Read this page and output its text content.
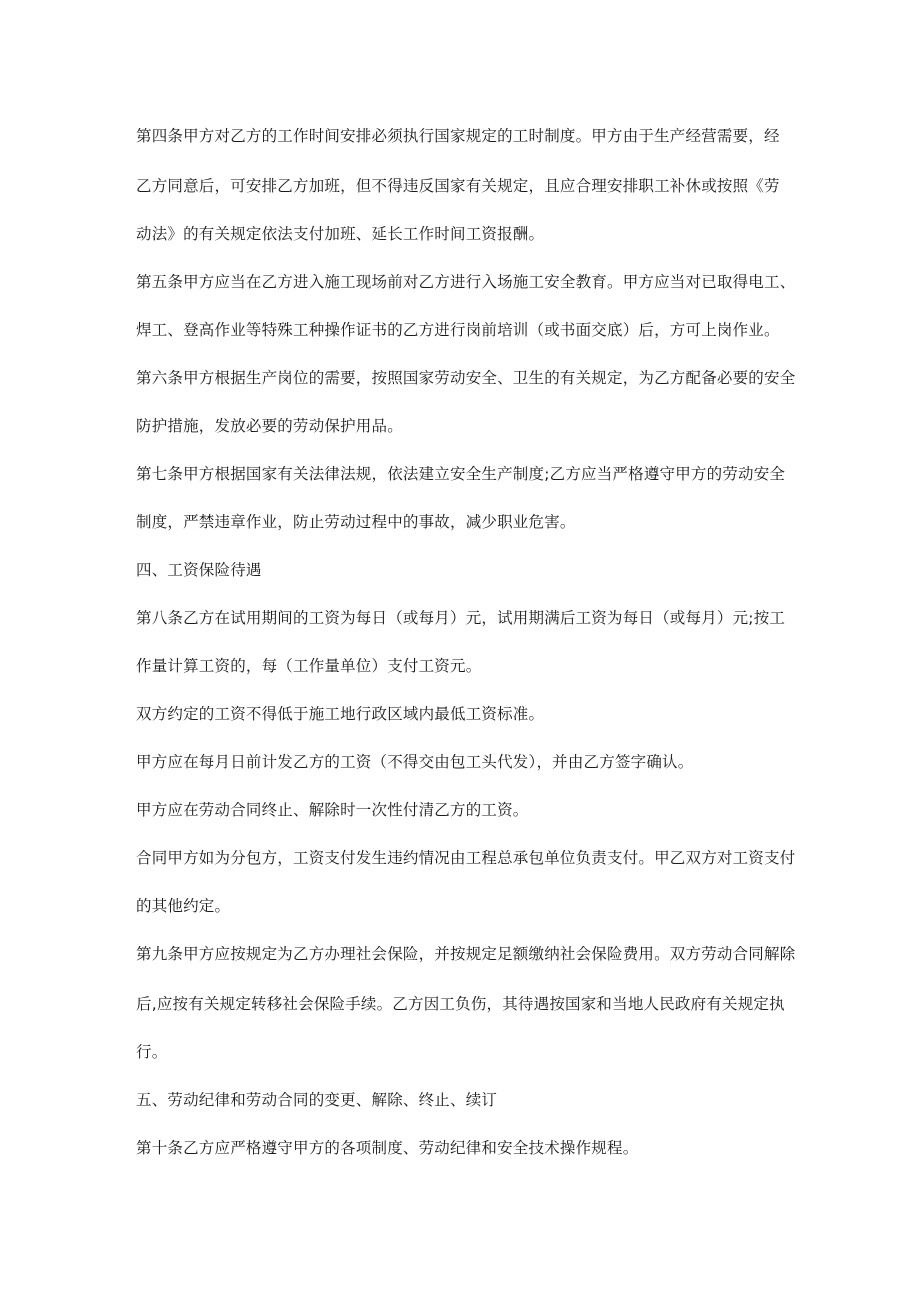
第四条甲方对乙方的工作时间安排必须执行国家规定的工时制度。甲方由于生产经营需要，经
乙方同意后，可安排乙方加班，但不得违反国家有关规定，且应合理安排职工补休或按照《劳
动法》的有关规定依法支付加班、延长工作时间工资报酬。
第五条甲方应当在乙方进入施工现场前对乙方进行入场施工安全教育。甲方应当对已取得电工、
焊工、登高作业等特殊工种操作证书的乙方进行岗前培训（或书面交底）后，方可上岗作业。
第六条甲方根据生产岗位的需要，按照国家劳动安全、卫生的有关规定，为乙方配备必要的安全
防护措施，发放必要的劳动保护用品。
第七条甲方根据国家有关法律法规，依法建立安全生产制度;乙方应当严格遵守甲方的劳动安全
制度，严禁违章作业，防止劳动过程中的事故，减少职业危害。
四、工资保险待遇
第八条乙方在试用期间的工资为每日（或每月）元，试用期满后工资为每日（或每月）元;按工
作量计算工资的，每（工作量单位）支付工资元。
双方约定的工资不得低于施工地行政区域内最低工资标准。
甲方应在每月日前计发乙方的工资（不得交由包工头代发），并由乙方签字确认。
甲方应在劳动合同终止、解除时一次性付清乙方的工资。
合同甲方如为分包方，工资支付发生违约情况由工程总承包单位负责支付。甲乙双方对工资支付
的其他约定。
第九条甲方应按规定为乙方办理社会保险，并按规定足额缴纳社会保险费用。双方劳动合同解除
后,应按有关规定转移社会保险手续。乙方因工负伤，其待遇按国家和当地人民政府有关规定执
行。
五、劳动纪律和劳动合同的变更、解除、终止、续订
第十条乙方应严格遵守甲方的各项制度、劳动纪律和安全技术操作规程。
